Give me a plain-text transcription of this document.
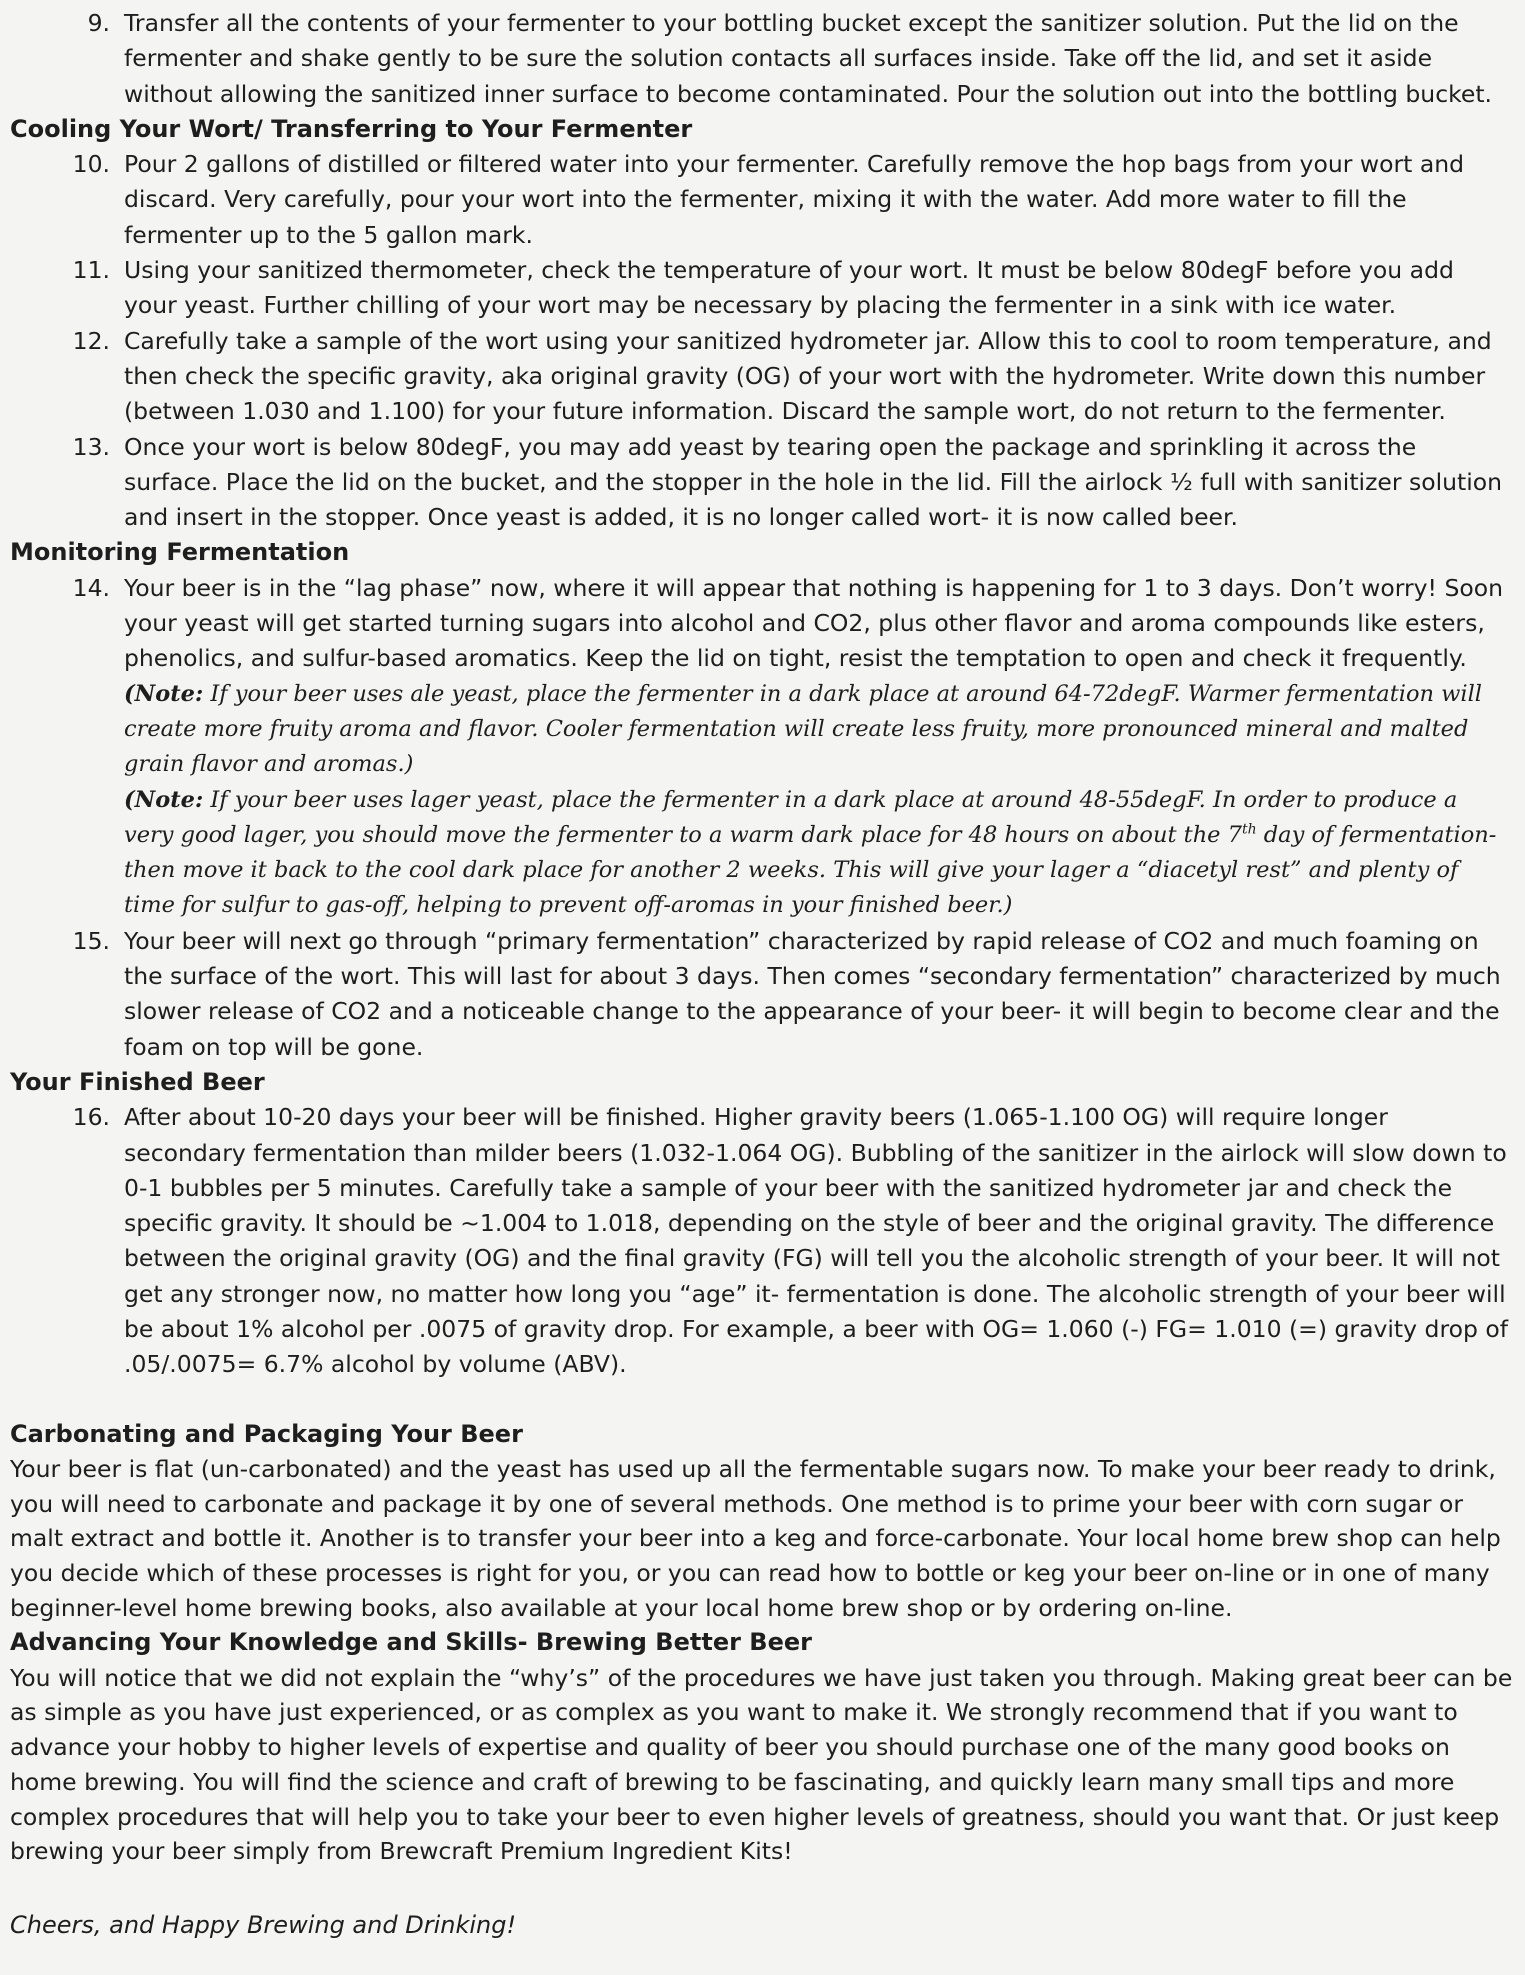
9. Transfer all the contents of your fermenter to your bottling bucket except the sanitizer solution. Put the lid on the fermenter and shake gently to be sure the solution contacts all surfaces inside. Take off the lid, and set it aside without allowing the sanitized inner surface to become contaminated. Pour the solution out into the bottling bucket.
Cooling Your Wort/ Transferring to Your Fermenter
10. Pour 2 gallons of distilled or filtered water into your fermenter. Carefully remove the hop bags from your wort and discard. Very carefully, pour your wort into the fermenter, mixing it with the water. Add more water to fill the fermenter up to the 5 gallon mark.
11. Using your sanitized thermometer, check the temperature of your wort. It must be below 80degF before you add your yeast. Further chilling of your wort may be necessary by placing the fermenter in a sink with ice water.
12. Carefully take a sample of the wort using your sanitized hydrometer jar. Allow this to cool to room temperature, and then check the specific gravity, aka original gravity (OG) of your wort with the hydrometer. Write down this number (between 1.030 and 1.100) for your future information. Discard the sample wort, do not return to the fermenter.
13. Once your wort is below 80degF, you may add yeast by tearing open the package and sprinkling it across the surface. Place the lid on the bucket, and the stopper in the hole in the lid. Fill the airlock ½ full with sanitizer solution and insert in the stopper. Once yeast is added, it is no longer called wort- it is now called beer.
Monitoring Fermentation
14. Your beer is in the “lag phase” now, where it will appear that nothing is happening for 1 to 3 days. Don’t worry! Soon your yeast will get started turning sugars into alcohol and CO2, plus other flavor and aroma compounds like esters, phenolics, and sulfur-based aromatics. Keep the lid on tight, resist the temptation to open and check it frequently.
(Note: If your beer uses ale yeast, place the fermenter in a dark place at around 64-72degF. Warmer fermentation will create more fruity aroma and flavor. Cooler fermentation will create less fruity, more pronounced mineral and malted grain flavor and aromas.)
(Note: If your beer uses lager yeast, place the fermenter in a dark place at around 48-55degF. In order to produce a very good lager, you should move the fermenter to a warm dark place for 48 hours on about the 7th day of fermentation- then move it back to the cool dark place for another 2 weeks. This will give your lager a “diacetyl rest” and plenty of time for sulfur to gas-off, helping to prevent off-aromas in your finished beer.)
15. Your beer will next go through “primary fermentation” characterized by rapid release of CO2 and much foaming on the surface of the wort. This will last for about 3 days. Then comes “secondary fermentation” characterized by much slower release of CO2 and a noticeable change to the appearance of your beer- it will begin to become clear and the foam on top will be gone.
Your Finished Beer
16. After about 10-20 days your beer will be finished. Higher gravity beers (1.065-1.100 OG) will require longer secondary fermentation than milder beers (1.032-1.064 OG). Bubbling of the sanitizer in the airlock will slow down to 0-1 bubbles per 5 minutes. Carefully take a sample of your beer with the sanitized hydrometer jar and check the specific gravity. It should be ~1.004 to 1.018, depending on the style of beer and the original gravity. The difference between the original gravity (OG) and the final gravity (FG) will tell you the alcoholic strength of your beer. It will not get any stronger now, no matter how long you “age” it- fermentation is done. The alcoholic strength of your beer will be about 1% alcohol per .0075 of gravity drop. For example, a beer with OG= 1.060 (-) FG= 1.010 (=) gravity drop of .05/.0075= 6.7% alcohol by volume (ABV).
Carbonating and Packaging Your Beer
Your beer is flat (un-carbonated) and the yeast has used up all the fermentable sugars now. To make your beer ready to drink, you will need to carbonate and package it by one of several methods. One method is to prime your beer with corn sugar or malt extract and bottle it. Another is to transfer your beer into a keg and force-carbonate. Your local home brew shop can help you decide which of these processes is right for you, or you can read how to bottle or keg your beer on-line or in one of many beginner-level home brewing books, also available at your local home brew shop or by ordering on-line.
Advancing Your Knowledge and Skills- Brewing Better Beer
You will notice that we did not explain the “why’s” of the procedures we have just taken you through. Making great beer can be as simple as you have just experienced, or as complex as you want to make it. We strongly recommend that if you want to advance your hobby to higher levels of expertise and quality of beer you should purchase one of the many good books on home brewing. You will find the science and craft of brewing to be fascinating, and quickly learn many small tips and more complex procedures that will help you to take your beer to even higher levels of greatness, should you want that. Or just keep brewing your beer simply from Brewcraft Premium Ingredient Kits!
Cheers, and Happy Brewing and Drinking!
